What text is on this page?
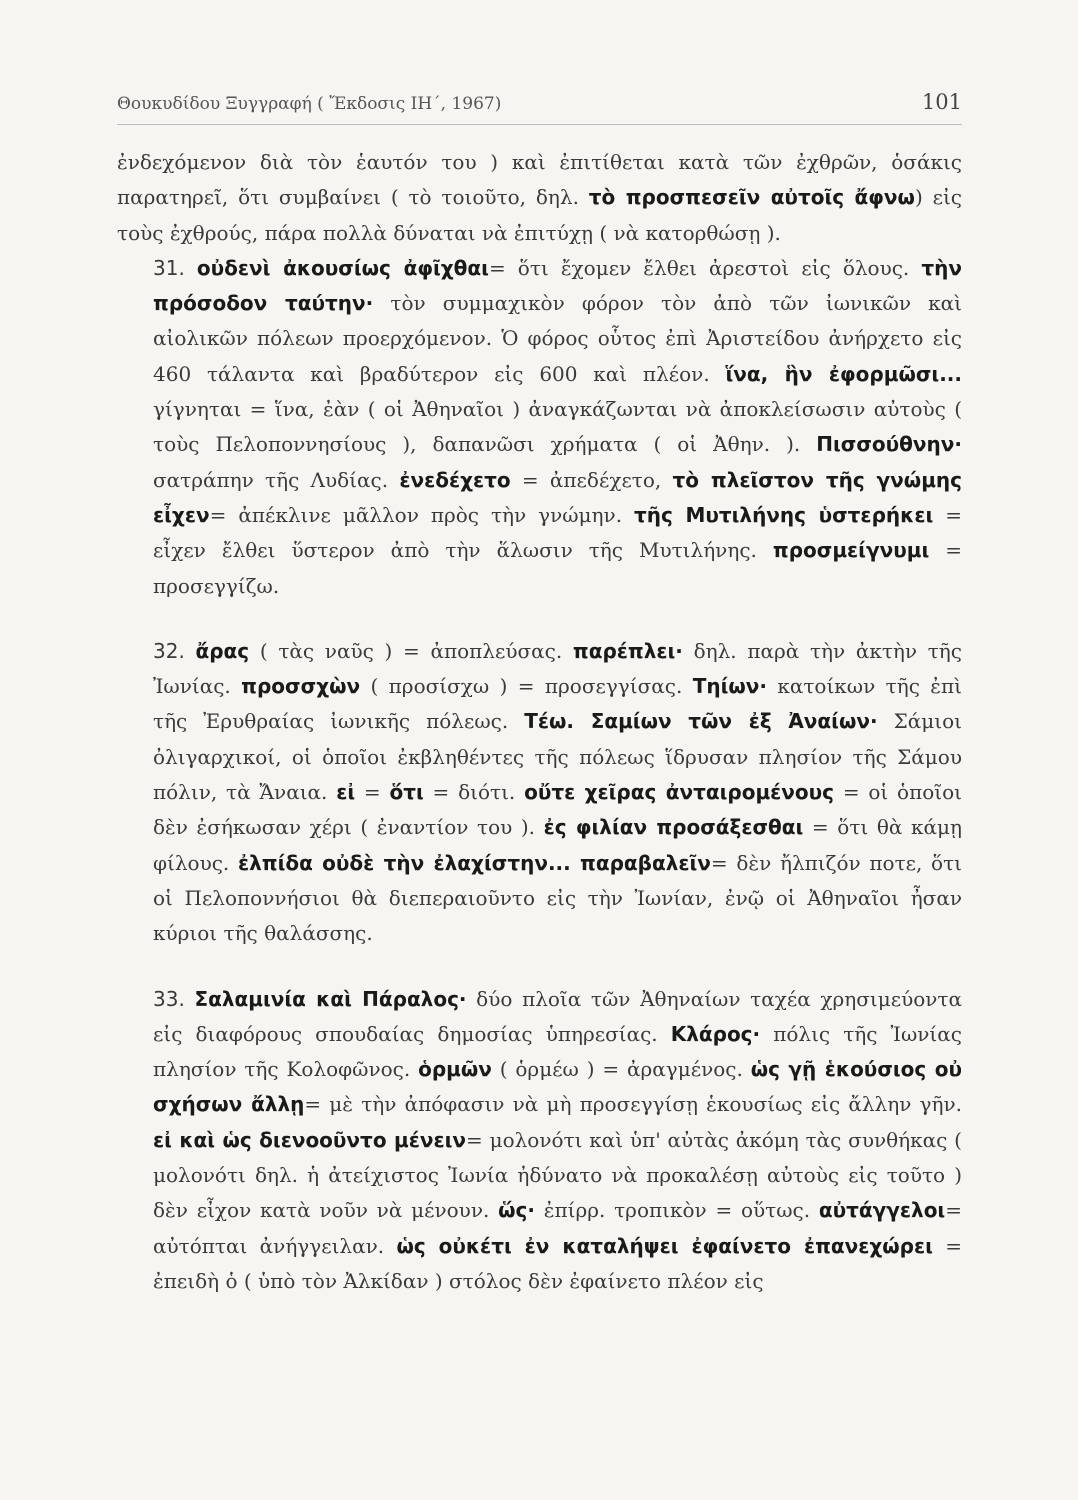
Θουκυδίδου Ξυγγραφή ( Ἔκδοσις ΙΗ΄, 1967)	101

ἐνδεχόμενον διὰ τὸν ἑαυτόν του ) καὶ ἐπιτίθεται κατὰ τῶν ἐχθρῶν, ὁσάκις παρατηρεῖ, ὅτι συμβαίνει ( τὸ τοιοῦτο, δηλ. τὸ προσπεσεῖν αὐτοῖς ἄφνω) εἰς τοὺς ἐχθρούς, πάρα πολλὰ δύναται νὰ ἐπιτύχῃ ( νὰ κατορθώσῃ ).

31. οὐδενὶ ἀκουσίως ἀφῖχθαι= ὅτι ἔχομεν ἔλθει ἀρεστοὶ εἰς ὅλους. τὴν πρόσοδον ταύτην· τὸν συμμαχικὸν φόρον τὸν ἀπὸ τῶν ἰωνικῶν καὶ αἰολικῶν πόλεων προερχόμενον. Ὁ φόρος οὗτος ἐπὶ Ἀριστείδου ἀνήρχετο εἰς 460 τάλαντα καὶ βραδύτερον εἰς 600 καὶ πλέον. ἵνα, ἣν ἐφορμῶσι... γίγνηται = ἵνα, ἐὰν ( οἱ Ἀθηναῖοι ) ἀναγκάζωνται νὰ ἀποκλείσωσιν αὐτοὺς ( τοὺς Πελοποννησίους ), δαπανῶσι χρήματα ( οἱ Ἀθην. ). Πισσούθνην· σατράπην τῆς Λυδίας. ἐνεδέχετο = ἀπεδέχετο, τὸ πλεῖστον τῆς γνώμης εἶχεν= ἀπέκλινε μᾶλλον πρὸς τὴν γνώμην. τῆς Μυτιλήνης ὑστερήκει = εἶχεν ἔλθει ὕστερον ἀπὸ τὴν ἅλωσιν τῆς Μυτιλήνης. προσμείγνυμι = προσεγγίζω.

32. ἄρας ( τὰς ναῦς ) = ἀποπλεύσας. παρέπλει· δηλ. παρὰ τὴν ἀκτὴν τῆς Ἰωνίας. προσσχὼν ( προσίσχω ) = προσεγγίσας. Τηίων· κατοίκων τῆς ἐπὶ τῆς Ἐρυθραίας ἰωνικῆς πόλεως. Τέω. Σαμίων τῶν ἐξ Ἀναίων· Σάμιοι ὀλιγαρχικοί, οἱ ὁποῖοι ἐκβληθέντες τῆς πόλεως ἵδρυσαν πλησίον τῆς Σάμου πόλιν, τὰ Ἄναια. εἰ = ὅτι = διότι. οὔτε χεῖρας ἀνταιρομένους = οἱ ὁποῖοι δὲν ἐσήκωσαν χέρι ( ἐναντίον του ). ἐς φιλίαν προσάξεσθαι = ὅτι θὰ κάμῃ φίλους. ἐλπίδα οὐδὲ τὴν ἐλαχίστην... παραβαλεῖν= δὲν ἤλπιζόν ποτε, ὅτι οἱ Πελοποννήσιοι θὰ διεπεραιοῦντο εἰς τὴν Ἰωνίαν, ἐνῷ οἱ Ἀθηναῖοι ἦσαν κύριοι τῆς θαλάσσης.

33. Σαλαμινία καὶ Πάραλος· δύο πλοῖα τῶν Ἀθηναίων ταχέα χρησιμεύοντα εἰς διαφόρους σπουδαίας δημοσίας ὑπηρεσίας. Κλάρος· πόλις τῆς Ἰωνίας πλησίον τῆς Κολοφῶνος. ὁρμῶν ( ὁρμέω ) = ἀραγμένος. ὡς γῇ ἑκούσιος οὐ σχήσων ἄλλῃ= μὲ τὴν ἀπόφασιν νὰ μὴ προσεγγίσῃ ἑκουσίως εἰς ἄλλην γῆν. εἰ καὶ ὡς διενοοῦντο μένειν= μολονότι καὶ ὑπ' αὐτὰς ἀκόμη τὰς συνθήκας ( μολονότι δηλ. ἡ ἀτείχιστος Ἰωνία ἠδύνατο νὰ προκαλέσῃ αὐτοὺς εἰς τοῦτο ) δὲν εἶχον κατὰ νοῦν νὰ μένουν. ὥς· ἐπίρρ. τροπικὸν = οὕτως. αὐτάγγελοι= αὐτόπται ἀνήγγειλαν. ὡς οὐκέτι ἐν καταλήψει ἐφαίνετο ἐπανεχώρει = ἐπειδὴ ὁ ( ὑπὸ τὸν Ἀλκίδαν ) στόλος δὲν ἐφαίνετο πλέον εἰς
